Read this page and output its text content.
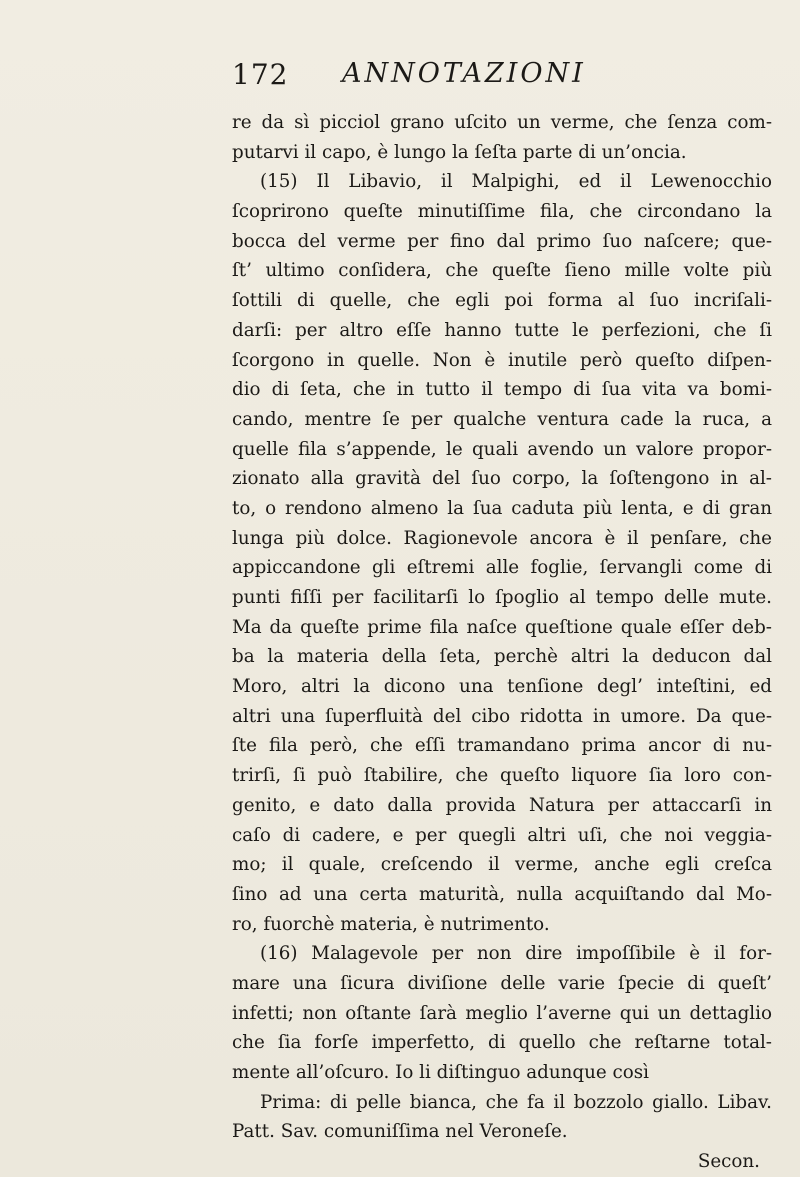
172 ANNOTAZIONI
re da sì picciol grano uſcito un verme, che ſenza com-
putarvi il capo, è lungo la ſeſta parte di un’oncia.
(15) Il Libavio, il Malpighi, ed il Lewenocchio
ſcoprirono queſte minutiſſime fila, che circondano la
bocca del verme per fino dal primo ſuo naſcere; que-
ſt’ ultimo conſidera, che queſte ſieno mille volte più
ſottili di quelle, che egli poi forma al ſuo incriſali-
darſi: per altro eſſe hanno tutte le perfezioni, che ſi
ſcorgono in quelle. Non è inutile però queſto diſpen-
dio di ſeta, che in tutto il tempo di ſua vita va bomi-
cando, mentre ſe per qualche ventura cade la ruca, a
quelle fila s’appende, le quali avendo un valore propor-
zionato alla gravità del ſuo corpo, la ſoſtengono in al-
to, o rendono almeno la ſua caduta più lenta, e di gran
lunga più dolce. Ragionevole ancora è il penſare, che
appiccandone gli eſtremi alle foglie, ſervangli come di
punti fiſſi per facilitarſi lo ſpoglio al tempo delle mute.
Ma da queſte prime fila naſce queſtione quale eſſer deb-
ba la materia della ſeta, perchè altri la deducon dal
Moro, altri la dicono una tenſione degl’ inteſtini, ed
altri una ſuperfluità del cibo ridotta in umore. Da que-
ſte fila però, che eſſi tramandano prima ancor di nu-
trirſi, ſi può ſtabilire, che queſto liquore ſia loro con-
genito, e dato dalla provida Natura per attaccarſi in
caſo di cadere, e per quegli altri uſi, che noi veggia-
mo; il quale, creſcendo il verme, anche egli creſca
ſino ad una certa maturità, nulla acquiſtando dal Mo-
ro, fuorchè materia, è nutrimento.
(16) Malagevole per non dire impoſſibile è il for-
mare una ſicura diviſione delle varie ſpecie di queſt’
infetti; non oſtante ſarà meglio l’averne qui un dettaglio
che ſia forſe imperfetto, di quello che reſtarne total-
mente all’oſcuro. Io li diſtinguo adunque così
Prima: di pelle bianca, che fa il bozzolo giallo. Libav.
Patt. Sav. comuniſſima nel Veroneſe.
Secon.
